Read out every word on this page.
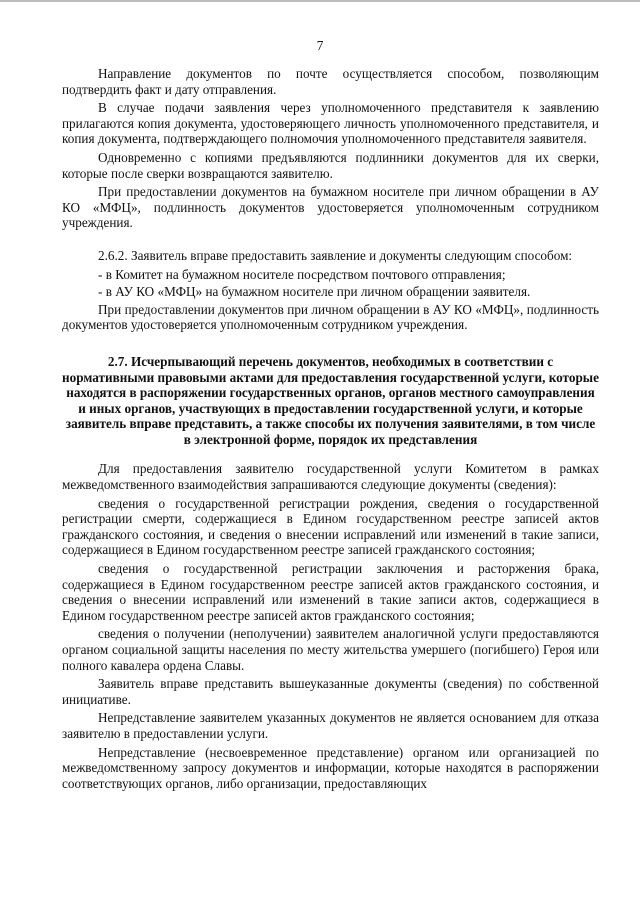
7

Направление документов по почте осуществляется способом, позволяющим подтвердить факт и дату отправления.

В случае подачи заявления через уполномоченного представителя к заявлению прилагаются копия документа, удостоверяющего личность уполномоченного представителя, и копия документа, подтверждающего полномочия уполномоченного представителя заявителя.

Одновременно с копиями предъявляются подлинники документов для их сверки, которые после сверки возвращаются заявителю.

При предоставлении документов на бумажном носителе при личном обращении в АУ КО «МФЦ», подлинность документов удостоверяется уполномоченным сотрудником учреждения.

2.6.2. Заявитель вправе предоставить заявление и документы следующим способом:

- в Комитет на бумажном носителе посредством почтового отправления;

- в АУ КО «МФЦ» на бумажном носителе при личном обращении заявителя.

При предоставлении документов при личном обращении в АУ КО «МФЦ», подлинность документов удостоверяется уполномоченным сотрудником учреждения.

2.7. Исчерпывающий перечень документов, необходимых в соответствии с нормативными правовыми актами для предоставления государственной услуги, которые находятся в распоряжении государственных органов, органов местного самоуправления и иных органов, участвующих в предоставлении государственной услуги, и которые заявитель вправе представить, а также способы их получения заявителями, в том числе в электронной форме, порядок их представления

Для предоставления заявителю государственной услуги Комитетом в рамках межведомственного взаимодействия запрашиваются следующие документы (сведения):

сведения о государственной регистрации рождения, сведения о государственной регистрации смерти, содержащиеся в Едином государственном реестре записей актов гражданского состояния, и сведения о внесении исправлений или изменений в такие записи, содержащиеся в Едином государственном реестре записей гражданского состояния;

сведения о государственной регистрации заключения и расторжения брака, содержащиеся в Едином государственном реестре записей актов гражданского состояния, и сведения о внесении исправлений или изменений в такие записи актов, содержащиеся в Едином государственном реестре записей актов гражданского состояния;

сведения о получении (неполучении) заявителем аналогичной услуги предоставляются органом социальной защиты населения по месту жительства умершего (погибшего) Героя или полного кавалера ордена Славы.

Заявитель вправе представить вышеуказанные документы (сведения) по собственной инициативе.

Непредставление заявителем указанных документов не является основанием для отказа заявителю в предоставлении услуги.

Непредставление (несвоевременное представление) органом или организацией по межведомственному запросу документов и информации, которые находятся в распоряжении соответствующих органов, либо организации, предоставляющих
